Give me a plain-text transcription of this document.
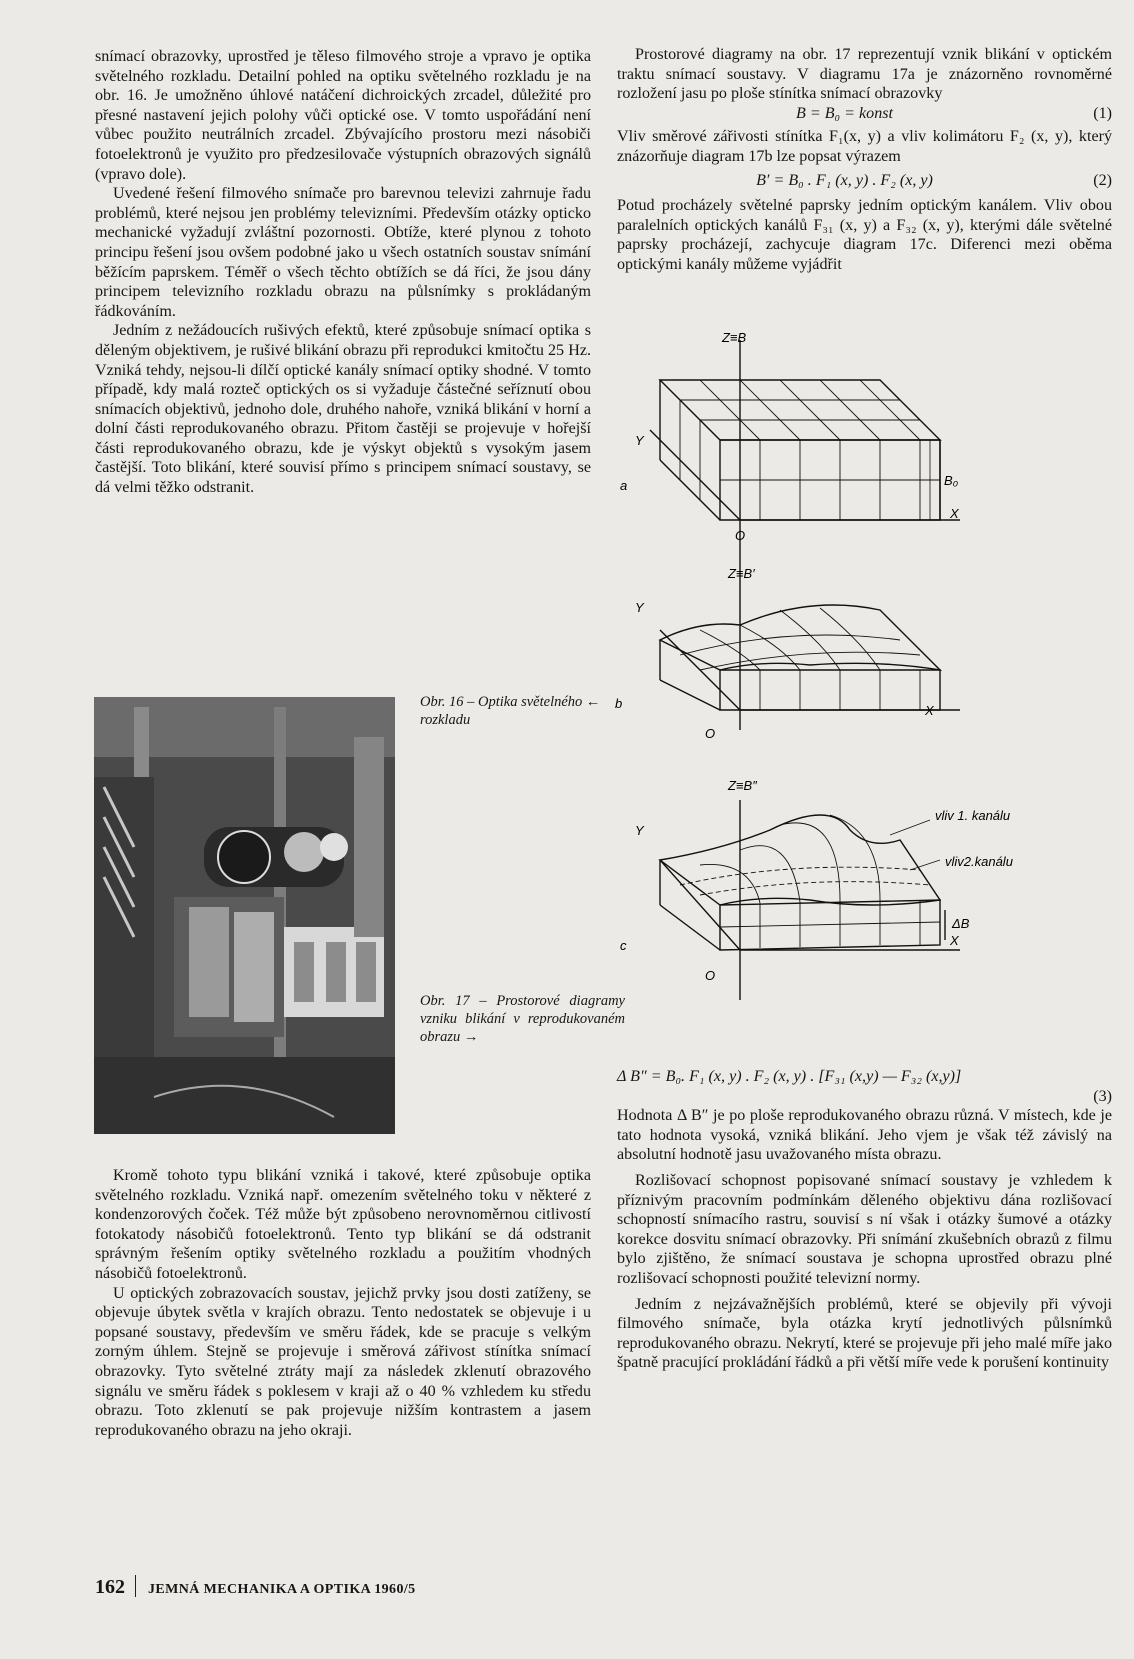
snímací obrazovky, uprostřed je těleso filmového stroje a vpravo je optika světelného rozkladu. Detailní pohled na optiku světelného rozkladu je na obr. 16. Je umožněno úhlové natáčení dichroických zrcadel, důležité pro přesné nastavení jejich polohy vůči optické ose. V tomto uspořádání není vůbec použito neutrálních zrcadel. Zbývajícího prostoru mezi násobiči fotoelektronů je využito pro předzesilovače výstupních obrazových signálů (vpravo dole).

Uvedené řešení filmového snímače pro barevnou televizi zahrnuje řadu problémů, které nejsou jen problémy televizními. Především otázky opticko mechanické vyžadují zvláštní pozornosti. Obtíže, které plynou z tohoto principu řešení jsou ovšem podobné jako u všech ostatních soustav snímání běžícím paprskem. Téměř o všech těchto obtížích se dá říci, že jsou dány principem televizního rozkladu obrazu na půlsnímky s prokládaným řádkováním.

Jedním z nežádoucích rušivých efektů, které způsobuje snímací optika s děleným objektivem, je rušivé blikání obrazu při reprodukci kmitočtu 25 Hz. Vzniká tehdy, nejsou-li dílčí optické kanály snímací optiky shodné. V tomto případě, kdy malá rozteč optických os si vyžaduje částečné seříznutí obou snímacích objektivů, jednoho dole, druhého nahoře, vzniká blikání v horní a dolní části reprodukovaného obrazu. Přitom častěji se projevuje v hořejší části reprodukovaného obrazu, kde je výskyt objektů s vysokým jasem častější. Toto blikání, které souvisí přímo s principem snímací soustavy, se dá velmi těžko odstranit.

Obr. 16 – Optika světelného ← rozkladu
Obr. 17 – Prostorové diagramy vzniku blikání v reprodukovaném obrazu →

Kromě tohoto typu blikání vzniká i takové, které způsobuje optika světelného rozkladu. Vzniká např. omezením světelného toku v některé z kondenzorových čoček. Též může být způsobeno nerovnoměrnou citlivostí fotokatody násobičů fotoelektronů. Tento typ blikání se dá odstranit správným řešením optiky světelného rozkladu a použitím vhodných násobičů fotoelektronů.

U optických zobrazovacích soustav, jejichž prvky jsou dosti zatíženy, se objevuje úbytek světla v krajích obrazu. Tento nedostatek se objevuje i u popsané soustavy, především ve směru řádek, kde se pracuje s velkým zorným úhlem. Stejně se projevuje i směrová zářivost stínítka snímací obrazovky. Tyto světelné ztráty mají za následek zklenutí obrazového signálu ve směru řádek s poklesem v kraji až o 40 % vzhledem ku středu obrazu. Toto zklenutí se pak projevuje nižším kontrastem a jasem reprodukovaného obrazu na jeho okraji.

Prostorové diagramy na obr. 17 reprezentují vznik blikání v optickém traktu snímací soustavy. V diagramu 17a je znázorněno rovnoměrné rozložení jasu po ploše stínítka snímací obrazovky

B = B₀ = konst	(1)

Vliv směrové zářivosti stínítka F₁(x, y) a vliv kolimátoru F₂ (x, y), který znázorňuje diagram 17b lze popsat výrazem

B′ = B₀ . F₁ (x, y) . F₂ (x, y)	(2)

Potud procházely světelné paprsky jedním optickým kanálem. Vliv obou paralelních optických kanálů F₃₁ (x, y) a F₃₂ (x, y), kterými dále světelné paprsky procházejí, zachycuje diagram 17c. Diferenci mezi oběma optickými kanály můžeme vyjádřit

Z≡B
Y
X
O
a	B₀
Z≡B′
Y
X
O
b
Z≡B″
Y
X
O
c
ΔB
vliv 1. kanálu
vliv2.kanálu
Δ B″ = B₀. F₁ (x, y) . F₂ (x, y) . [F₃₁ (x,y) — F₃₂ (x,y)]
(3)

Hodnota Δ B″ je po ploše reprodukovaného obrazu různá. V místech, kde je tato hodnota vysoká, vzniká blikání. Jeho vjem je však též závislý na absolutní hodnotě jasu uvažovaného místa obrazu.

Rozlišovací schopnost popisované snímací soustavy je vzhledem k příznivým pracovním podmínkám děleného objektivu dána rozlišovací schopností snímacího rastru, souvisí s ní však i otázky šumové a otázky korekce dosvitu snímací obrazovky. Při snímání zkušebních obrazů z filmu bylo zjištěno, že snímací soustava je schopna uprostřed obrazu plné rozlišovací schopnosti použité televizní normy.

Jedním z nejzávažnějších problémů, které se objevily při vývoji filmového snímače, byla otázka krytí jednotlivých půlsnímků reprodukovaného obrazu. Nekrytí, které se projevuje při jeho malé míře jako špatně pracující prokládání řádků a při větší míře vede k porušení kontinuity

162 JEMNÁ MECHANIKA A OPTIKA 1960/5
